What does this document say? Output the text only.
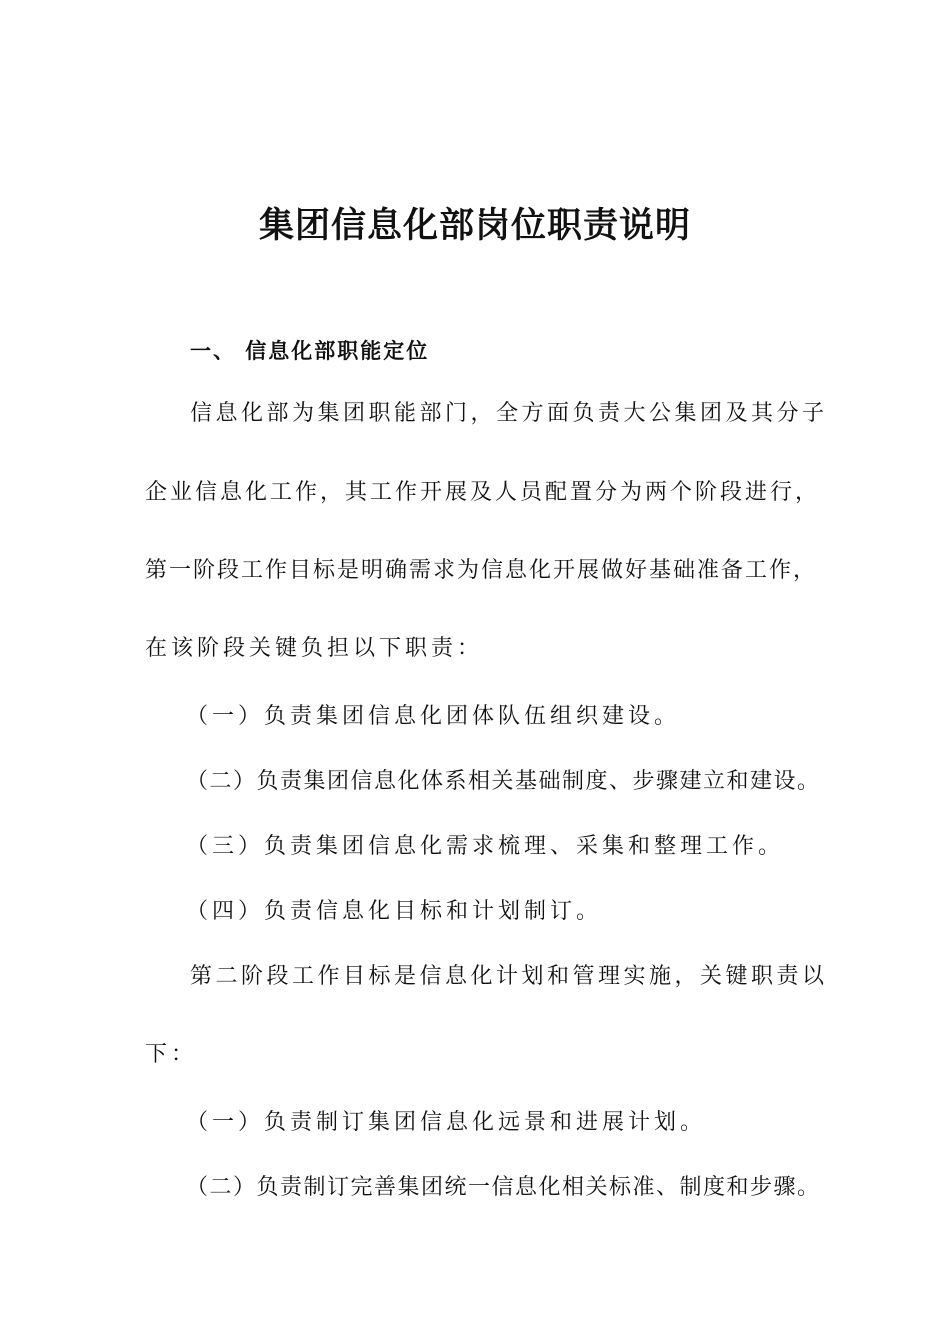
集团信息化部岗位职责说明
一、 信息化部职能定位
信息化部为集团职能部门，全方面负责大公集团及其分子
企业信息化工作，其工作开展及人员配置分为两个阶段进行，
第一阶段工作目标是明确需求为信息化开展做好基础准备工作，
在该阶段关键负担以下职责：
（一）负责集团信息化团体队伍组织建设。
（二）负责集团信息化体系相关基础制度、步骤建立和建设。
（三）负责集团信息化需求梳理、采集和整理工作。
（四）负责信息化目标和计划制订。
第二阶段工作目标是信息化计划和管理实施，关键职责以
下：
（一）负责制订集团信息化远景和进展计划。
（二）负责制订完善集团统一信息化相关标准、制度和步骤。
